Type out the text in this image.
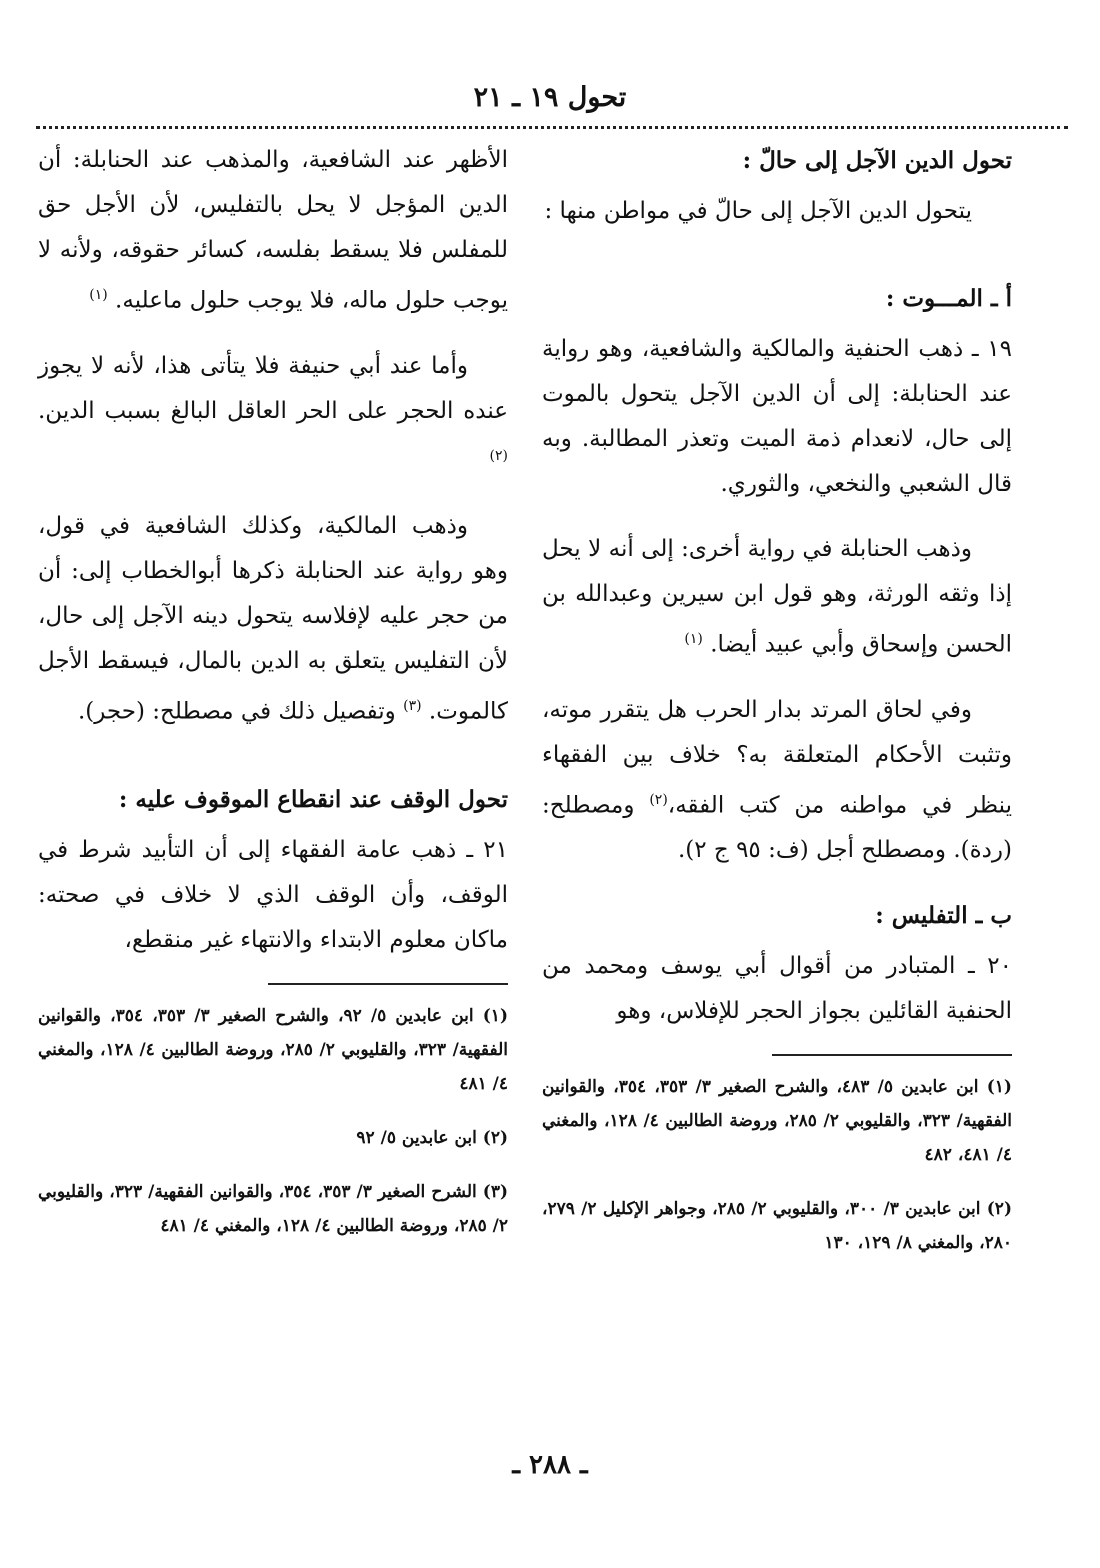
تحول ١٩ ـ ٢١

تحول الدين الآجل إلى حالّ :

يتحول الدين الآجل إلى حالّ في مواطن منها :

أ ـ المـــوت :

١٩ ـ ذهب الحنفية والمالكية والشافعية، وهو رواية عند الحنابلة: إلى أن الدين الآجل يتحول بالموت إلى حال، لانعدام ذمة الميت وتعذر المطالبة. وبه قال الشعبي والنخعي، والثوري.

وذهب الحنابلة في رواية أخرى: إلى أنه لا يحل إذا وثقه الورثة، وهو قول ابن سيرين وعبدالله بن الحسن وإسحاق وأبي عبيد أيضا. $^{(١)}$

وفي لحاق المرتد بدار الحرب هل يتقرر موته، وتثبت الأحكام المتعلقة به؟ خلاف بين الفقهاء ينظر في مواطنه من كتب الفقه،$^{(٢)}$ ومصطلح: (ردة). ومصطلح أجل (ف: ٩٥ ج ٢).

ب ـ التفليس :

٢٠ ـ المتبادر من أقوال أبي يوسف ومحمد من الحنفية القائلين بجواز الحجر للإفلاس، وهو

(١) ابن عابدين ٥/ ٤٨٣، والشرح الصغير ٣/ ٣٥٣، ٣٥٤، والقوانين الفقهية/ ٣٢٣، والقليوبي ٢/ ٢٨٥، وروضة الطالبين ٤/ ١٢٨، والمغني ٤/ ٤٨١، ٤٨٢

(٢) ابن عابدين ٣/ ٣٠٠، والقليوبي ٢/ ٢٨٥، وجواهر الإكليل ٢/ ٢٧٩، ٢٨٠، والمغني ٨/ ١٢٩، ١٣٠

الأظهر عند الشافعية، والمذهب عند الحنابلة: أن الدين المؤجل لا يحل بالتفليس، لأن الأجل حق للمفلس فلا يسقط بفلسه، كسائر حقوقه، ولأنه لا يوجب حلول ماله، فلا يوجب حلول ماعليه. $^{(١)}$

وأما عند أبي حنيفة فلا يتأتى هذا، لأنه لا يجوز عنده الحجر على الحر العاقل البالغ بسبب الدين. $^{(٢)}$

وذهب المالكية، وكذلك الشافعية في قول، وهو رواية عند الحنابلة ذكرها أبوالخطاب إلى: أن من حجر عليه لإفلاسه يتحول دينه الآجل إلى حال، لأن التفليس يتعلق به الدين بالمال، فيسقط الأجل كالموت. $^{(٣)}$ وتفصيل ذلك في مصطلح: (حجر).

تحول الوقف عند انقطاع الموقوف عليه :

٢١ ـ ذهب عامة الفقهاء إلى أن التأبيد شرط في الوقف، وأن الوقف الذي لا خلاف في صحته: ماكان معلوم الابتداء والانتهاء غير منقطع،

(١) ابن عابدين ٥/ ٩٢، والشرح الصغير ٣/ ٣٥٣، ٣٥٤، والقوانين الفقهية/ ٣٢٣، والقليوبي ٢/ ٢٨٥، وروضة الطالبين ٤/ ١٢٨، والمغني ٤/ ٤٨١

(٢) ابن عابدين ٥/ ٩٢

(٣) الشرح الصغير ٣/ ٣٥٣، ٣٥٤، والقوانين الفقهية/ ٣٢٣، والقليوبي ٢/ ٢٨٥، وروضة الطالبين ٤/ ١٢٨، والمغني ٤/ ٤٨١

ـ ٢٨٨ ـ
